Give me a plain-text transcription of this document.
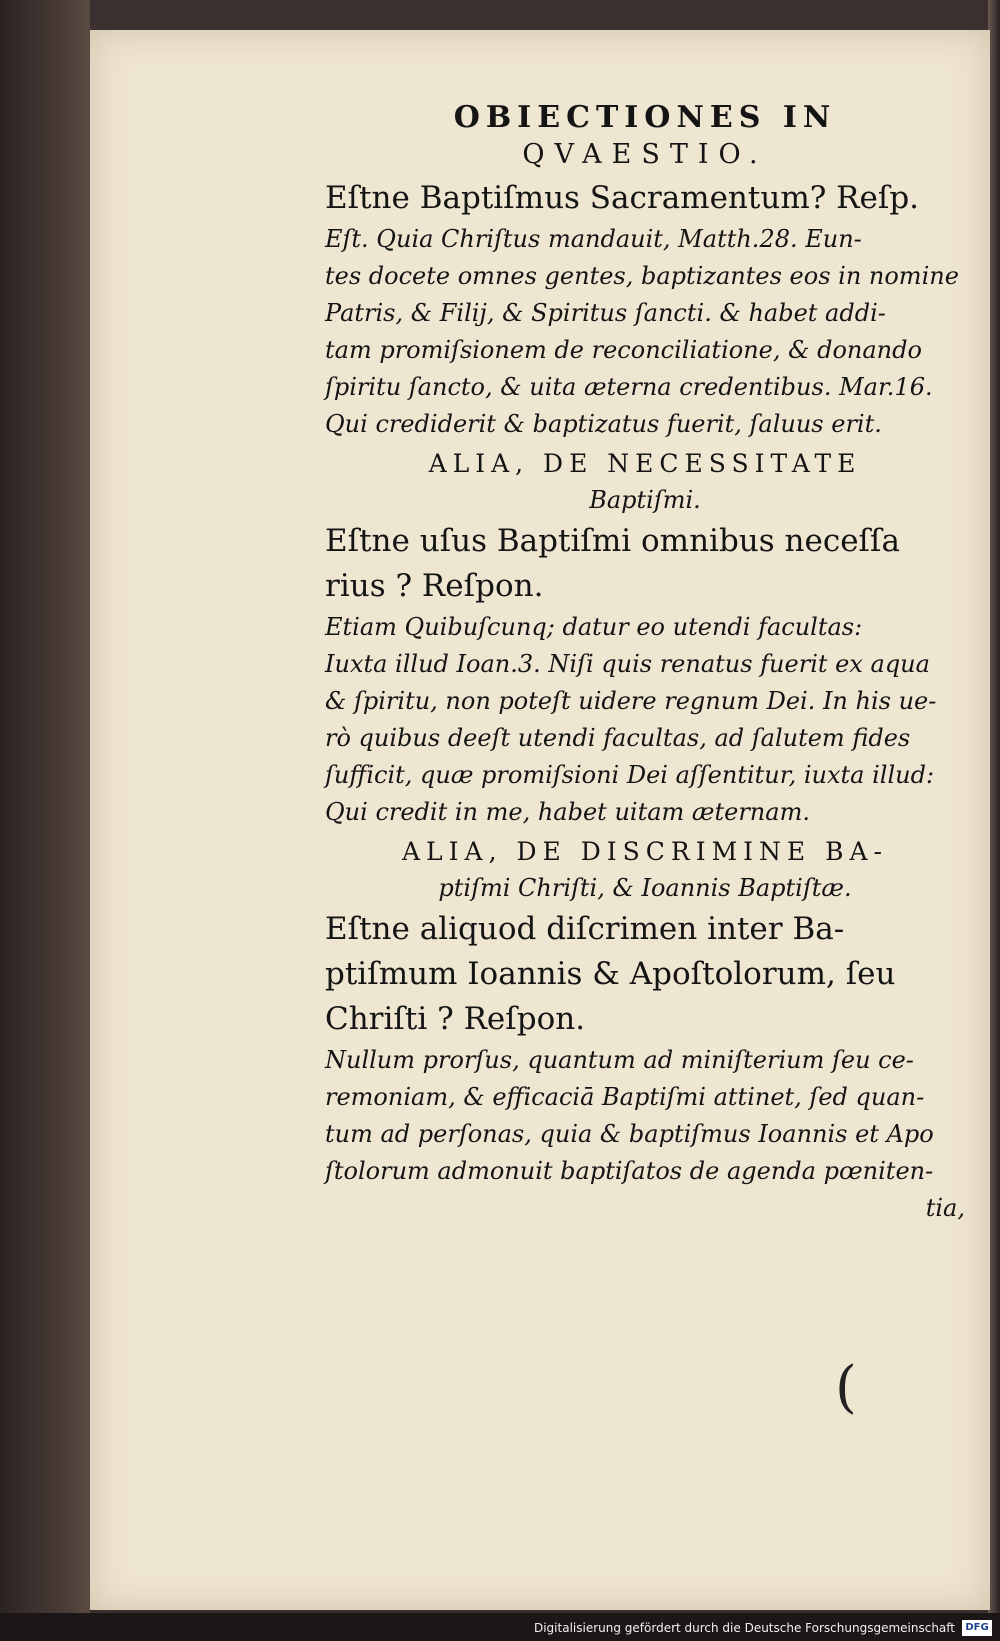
OBIECTIONES IN
QVAESTIO.

Eſtne Baptiſmus Sacramentum? Reſp.

Eſt. Quia Chriſtus mandauit, Matth.28. Eun-

tes docete omnes gentes, baptizantes eos in nomine

Patris, & Filij, & Spiritus ſancti. & habet addi-

tam promiſsionem de reconciliatione, & donando

ſpiritu ſancto, & uita æterna credentibus. Mar.16.

Qui crediderit & baptizatus fuerit, ſaluus erit.

ALIA, DE NECESSITATE

Baptiſmi.

Eſtne uſus Baptiſmi omnibus neceſſa

rius ? Reſpon.

Etiam Quibuſcunq; datur eo utendi facultas:

Iuxta illud Ioan.3. Niſi quis renatus fuerit ex aqua

& ſpiritu, non poteſt uidere regnum Dei. In his ue-

rò quibus deeſt utendi facultas, ad ſalutem fides

ſufficit, quæ promiſsioni Dei aſſentitur, iuxta illud:

Qui credit in me, habet uitam æternam.

ALIA, DE DISCRIMINE BA-

ptiſmi Chriſti, & Ioannis Baptiſtæ.

Eſtne aliquod diſcrimen inter Ba-

ptiſmum Ioannis & Apoſtolorum, ſeu

Chriſti ? Reſpon.

Nullum prorſus, quantum ad miniſterium ſeu ce-

remoniam, & efficaciā Baptiſmi attinet, ſed quan-

tum ad perſonas, quia & baptiſmus Ioannis et Apo

ſtolorum admonuit baptiſatos de agenda pœniten-

tia,

(
Digitalisierung gefördert durch die Deutsche Forschungsgemeinschaft	DFG
